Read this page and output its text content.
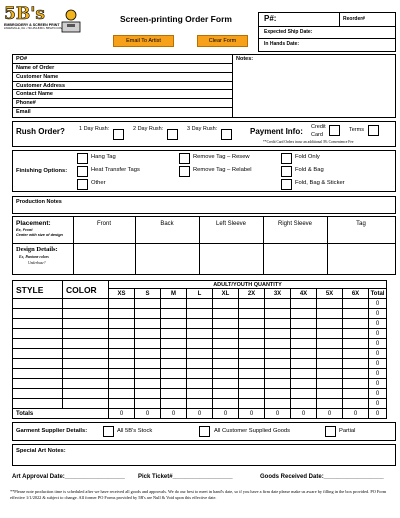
5B's
EMBROIDERY & SCREEN PRINT
ZANESVILLE, OH • 740-454-8453 • 5BSLTD.COM
Screen-printing Order Form
Email To Artist	Clear Form
P#:	Reorder#
Expected Ship Date:
In Hands Date:
PO#
Name of Order
Customer Name
Customer Address
Contact Name
Phone#
Email
Notes:
Rush Order?	1 Day Rush:	2 Day Rush:	3 Day Rush:	Payment Info: Credit
Card
Terms
**Credit Card Orders incur an additional 3% Convenience Fee
Finishing Options:
Hang Tag
Heat Transfer Tags
Other
Remove Tag – Resew
Remove Tag – Relabel
Fold Only
Fold & Bag
Fold, Bag & Sticker
Production Notes
Placement:
Ex, Front
Center with size of design
Design Details:
Ex, Pantone colors
Underbase?
Front	Back	Left Sleeve	Right Sleeve	Tag
STYLE	COLOR	ADULT/YOUTH QUANTITY										
		XS	S	M	L	XL	2X	3X	4X	5X	6X	Total
												0
												0
												0
												0
												0
												0
												0
												0
												0
												0
												0
Totals		0	0	0	0	0	0	0	0	0	0	0
Garment Supplier Details:	All 5B's Stock	All Customer Supplied Goods	Partial
Special Art Notes:
Art Approval Date:__________________ Pick Ticket#__________________	Goods Received Date:__________________
**Please note production time is scheduled after we have received all goods and approvals. We do our best to meet in hand's date, so if you have a firm date please make us aware by filling in the box provided. PO Form effective 1/1/2022 & subject to change. All former PO Forms provided by 5B's are Null & Void upon this effective date.
